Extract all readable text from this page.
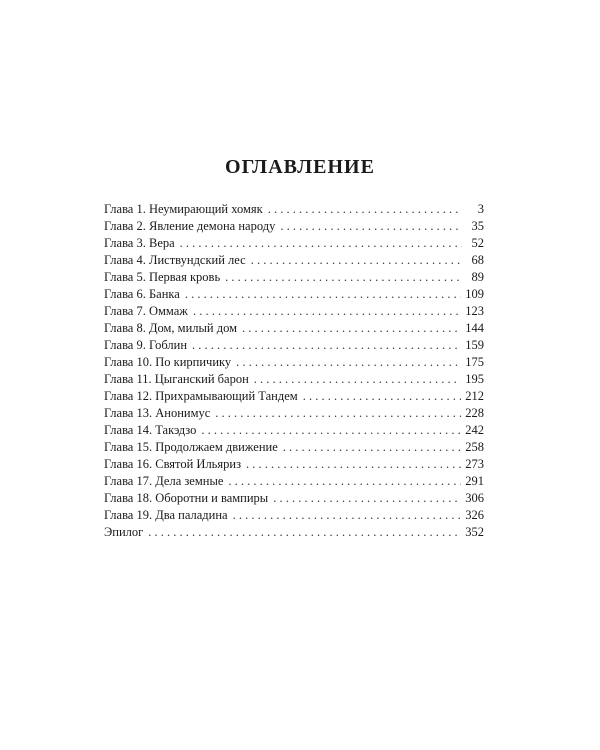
ОГЛАВЛЕНИЕ
Глава 1. Неумирающий хомяк . . .	3
Глава 2. Явление демона народу . . .	35
Глава 3. Вера . . .	52
Глава 4. Листвундский лес . . .	68
Глава 5. Первая кровь . . .	89
Глава 6. Банка . . .	109
Глава 7. Оммаж . . .	123
Глава 8. Дом, милый дом . . .	144
Глава 9. Гоблин . . .	159
Глава 10. По кирпичику . . .	175
Глава 11. Цыганский барон . . .	195
Глава 12. Прихрамывающий Тандем . . .	212
Глава 13. Анонимус . . .	228
Глава 14. Такэдзо . . .	242
Глава 15. Продолжаем движение . . .	258
Глава 16. Святой Ильяриз . . .	273
Глава 17. Дела земные . . .	291
Глава 18. Оборотни и вампиры . . .	306
Глава 19. Два паладина . . .	326
Эпилог . . .	352
